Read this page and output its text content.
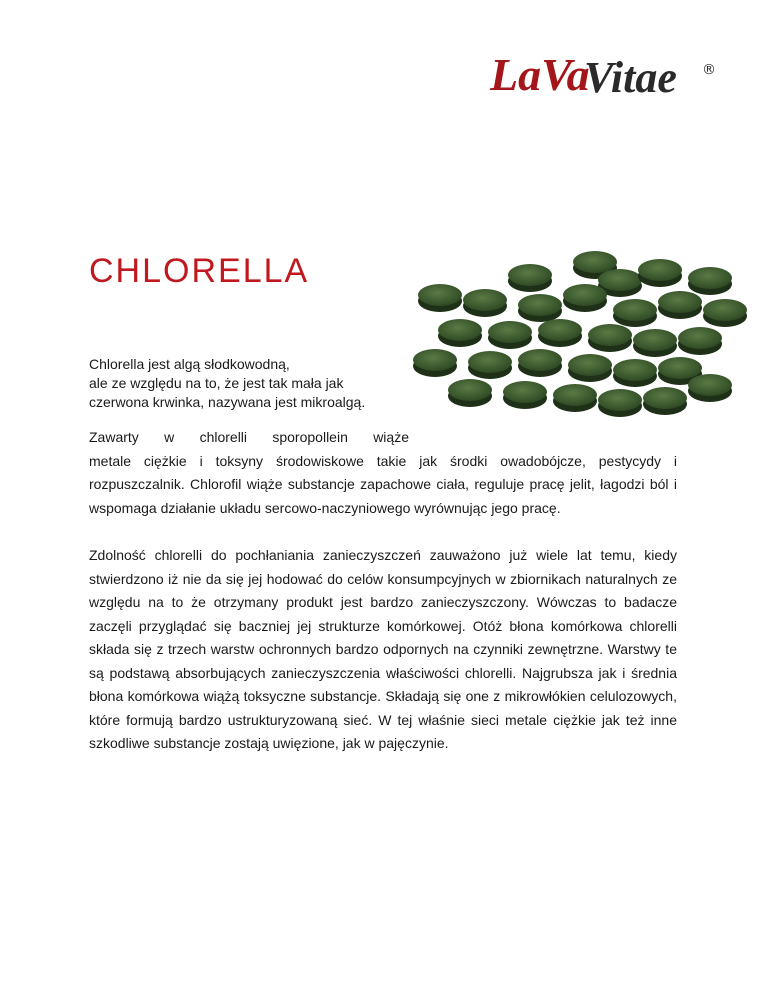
LaVa
Vitae ®
CHLORELLA

Chlorella jest algą słodkowodną,
ale ze względu na to, że jest tak mała jak
czerwona krwinka, nazywana jest mikroalgą.

Zawarty w chlorelli sporopollein wiąże
metale ciężkie i toksyny środowiskowe takie jak środki owadobójcze, pestycydy i rozpuszczalnik. Chlorofil wiąże substancje zapachowe ciała, reguluje pracę jelit, łagodzi ból i wspomaga działanie układu sercowo-naczyniowego wyrównując jego pracę.

Zdolność chlorelli do pochłaniania zanieczyszczeń zauważono już wiele lat temu, kiedy stwierdzono iż nie da się jej hodować do celów konsumpcyjnych w zbiornikach naturalnych ze względu na to że otrzymany produkt jest bardzo zanieczyszczony. Wówczas to badacze zaczęli przyglądać się baczniej jej strukturze komórkowej. Otóż błona komórkowa chlorelli składa się z trzech warstw ochronnych bardzo odpornych na czynniki zewnętrzne. Warstwy te są podstawą absorbujących zanieczyszczenia właściwości chlorelli. Najgrubsza jak i średnia błona komórkowa wiążą toksyczne substancje. Składają się one z mikrowłókien celulozowych, które formują bardzo ustrukturyzowaną sieć. W tej właśnie sieci metale ciężkie jak też inne szkodliwe substancje zostają uwięzione, jak w pajęczynie.
